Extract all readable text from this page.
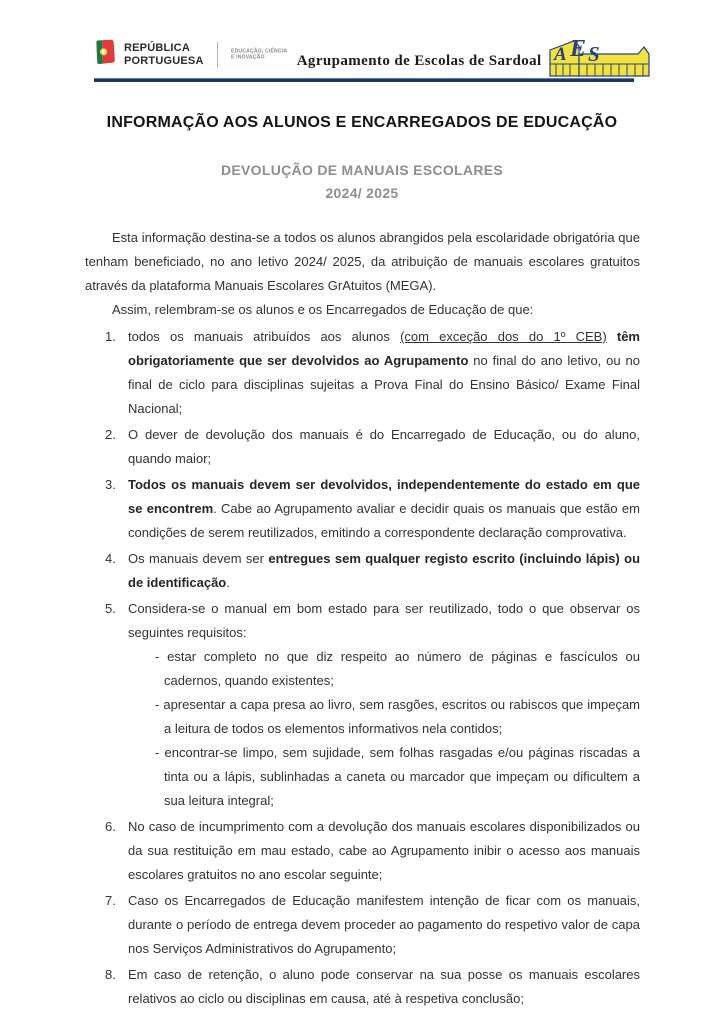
REPÚBLICA
PORTUGUESA
EDUCAÇÃO, CIÊNCIA
E INOVAÇÃO	Agrupamento de Escolas de Sardoal A E S
INFORMAÇÃO AOS ALUNOS E ENCARREGADOS DE EDUCAÇÃO
DEVOLUÇÃO DE MANUAIS ESCOLARES
2024/ 2025

Esta informação destina-se a todos os alunos abrangidos pela escolaridade obrigatória que tenham beneficiado, no ano letivo 2024/ 2025, da atribuição de manuais escolares gratuitos através da plataforma Manuais Escolares GrAtuitos (MEGA).

Assim, relembram-se os alunos e os Encarregados de Educação de que:

1. todos os manuais atribuídos aos alunos (com exceção dos do 1º CEB) têm obrigatoriamente que ser devolvidos ao Agrupamento no final do ano letivo, ou no final de ciclo para disciplinas sujeitas a Prova Final do Ensino Básico/ Exame Final Nacional;
2. O dever de devolução dos manuais é do Encarregado de Educação, ou do aluno, quando maior;
3. Todos os manuais devem ser devolvidos, independentemente do estado em que se encontrem. Cabe ao Agrupamento avaliar e decidir quais os manuais que estão em condições de serem reutilizados, emitindo a correspondente declaração comprovativa.
4. Os manuais devem ser entregues sem qualquer registo escrito (incluindo lápis) ou de identificação.
5. Considera-se o manual em bom estado para ser reutilizado, todo o que observar os seguintes requisitos:
- estar completo no que diz respeito ao número de páginas e fascículos ou cadernos, quando existentes;
- apresentar a capa presa ao livro, sem rasgões, escritos ou rabiscos que impeçam a leitura de todos os elementos informativos nela contidos;
- encontrar-se limpo, sem sujidade, sem folhas rasgadas e/ou páginas riscadas a tinta ou a lápis, sublinhadas a caneta ou marcador que impeçam ou dificultem a sua leitura integral;
6. No caso de incumprimento com a devolução dos manuais escolares disponibilizados ou da sua restituição em mau estado, cabe ao Agrupamento inibir o acesso aos manuais escolares gratuitos no ano escolar seguinte;
7. Caso os Encarregados de Educação manifestem intenção de ficar com os manuais, durante o período de entrega devem proceder ao pagamento do respetivo valor de capa nos Serviços Administrativos do Agrupamento;
8. Em caso de retenção, o aluno pode conservar na sua posse os manuais escolares relativos ao ciclo ou disciplinas em causa, até à respetiva conclusão;
